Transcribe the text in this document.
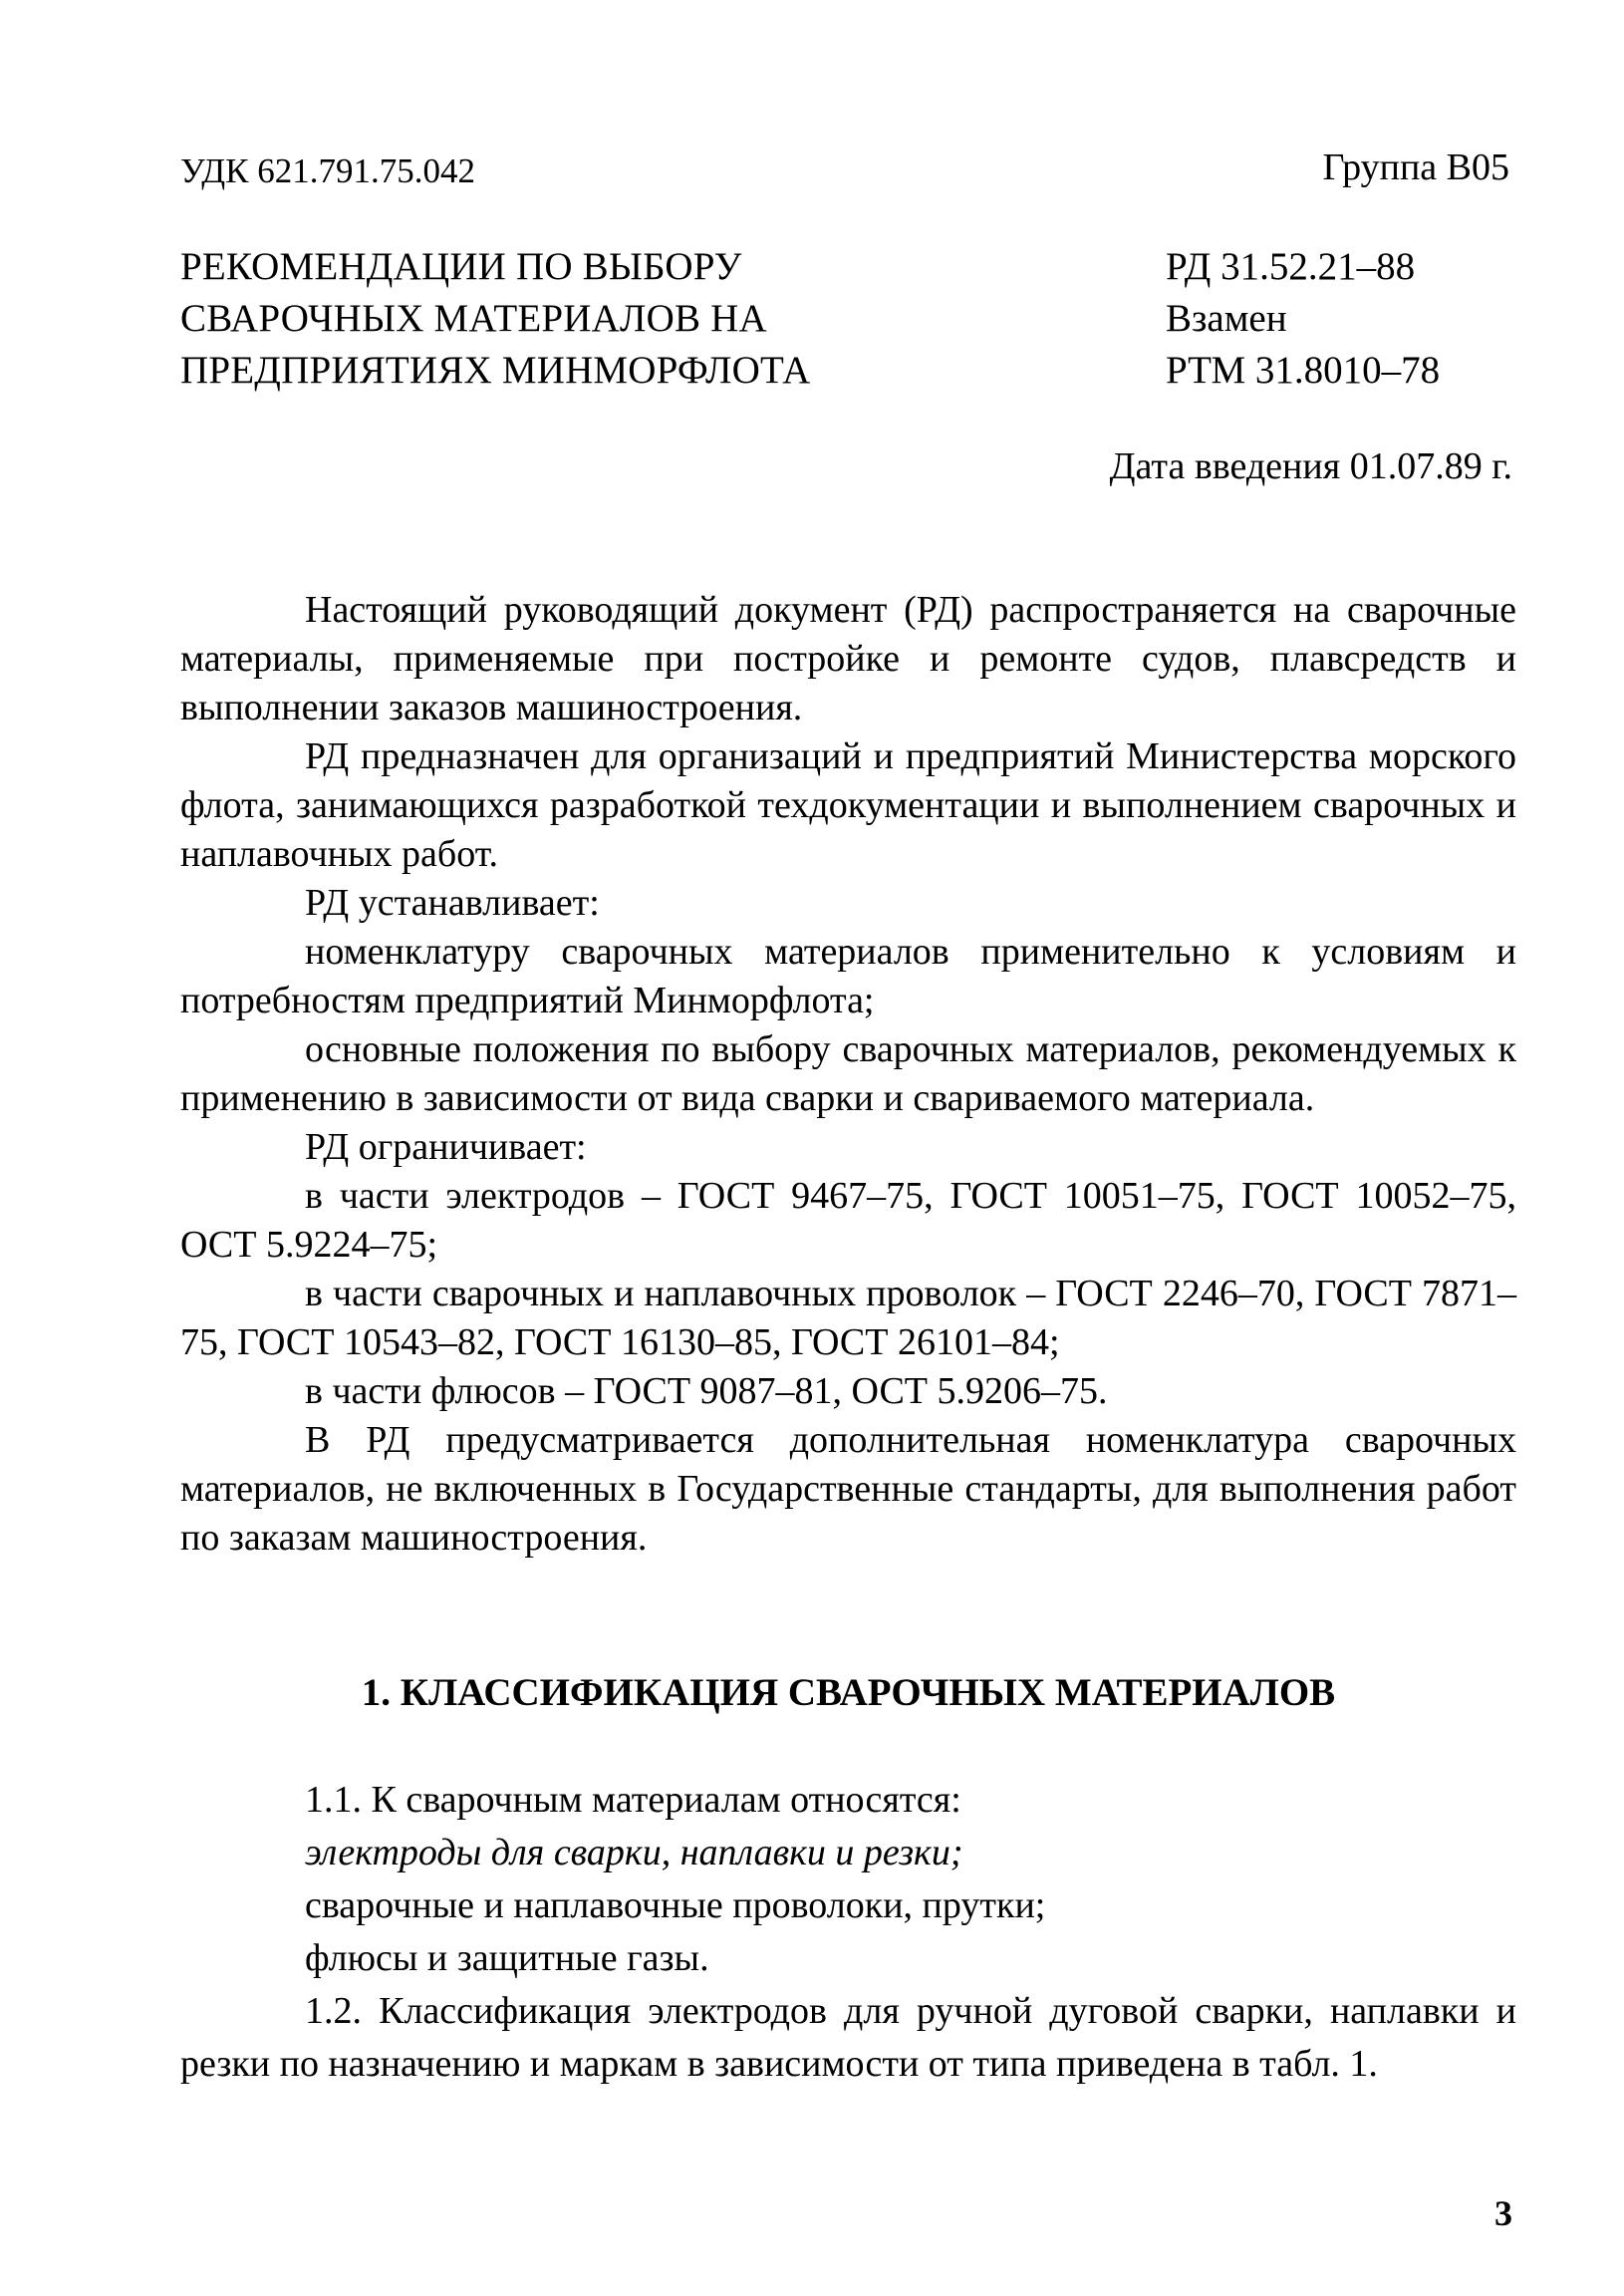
УДК 621.791.75.042	Группа В05
РЕКОМЕНДАЦИИ ПО ВЫБОРУ
СВАРОЧНЫХ МАТЕРИАЛОВ НА
ПРЕДПРИЯТИЯХ МИНМОРФЛОТА
РД 31.52.21–88
Взамен
РТМ 31.8010–78
Дата введения 01.07.89 г.

Настоящий руководящий документ (РД) распространяется на сварочные материалы, применяемые при постройке и ремонте судов, плавсредств и выполнении заказов машиностроения.

РД предназначен для организаций и предприятий Министерства морского флота, занимающихся разработкой техдокументации и выполнением сварочных и наплавочных работ.

РД устанавливает:

номенклатуру сварочных материалов применительно к условиям и потребностям предприятий Минморфлота;

основные положения по выбору сварочных материалов, рекомендуемых к применению в зависимости от вида сварки и свариваемого материала.

РД ограничивает:

в части электродов – ГОСТ 9467–75, ГОСТ 10051–75, ГОСТ 10052–75, ОСТ 5.9224–75;

в части сварочных и наплавочных проволок – ГОСТ 2246–70, ГОСТ 7871–75, ГОСТ 10543–82, ГОСТ 16130–85, ГОСТ 26101–84;

в части флюсов – ГОСТ 9087–81, ОСТ 5.9206–75.

В РД предусматривается дополнительная номенклатура сварочных материалов, не включенных в Государственные стандарты, для выполнения работ по заказам машиностроения.

1. КЛАССИФИКАЦИЯ СВАРОЧНЫХ МАТЕРИАЛОВ

1.1. К сварочным материалам относятся:

электроды для сварки, наплавки и резки;

сварочные и наплавочные проволоки, прутки;

флюсы и защитные газы.

1.2. Классификация электродов для ручной дуговой сварки, наплавки и резки по назначению и маркам в зависимости от типа приведена в табл. 1.

3
